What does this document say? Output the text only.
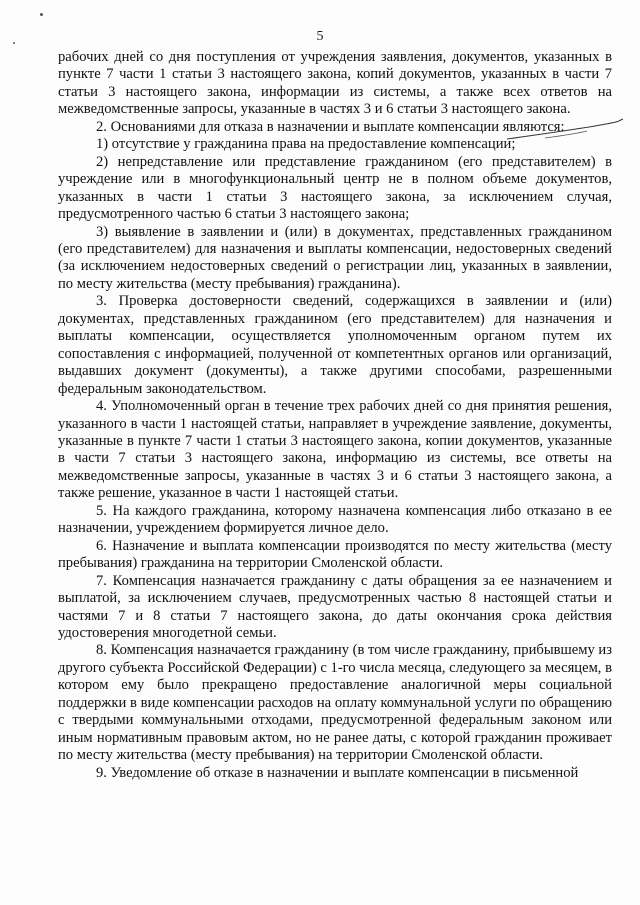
5

рабочих дней со дня поступления от учреждения заявления, документов, указанных в пункте 7 части 1 статьи 3 настоящего закона, копий документов, указанных в части 7 статьи 3 настоящего закона, информации из системы, а также всех ответов на межведомственные запросы, указанные в частях 3 и 6 статьи 3 настоящего закона.

2. Основаниями для отказа в назначении и выплате компенсации являются:

1) отсутствие у гражданина права на предоставление компенсации;

2) непредставление или представление гражданином (его представителем) в учреждение или в многофункциональный центр не в полном объеме документов, указанных в части 1 статьи 3 настоящего закона, за исключением случая, предусмотренного частью 6 статьи 3 настоящего закона;

3) выявление в заявлении и (или) в документах, представленных гражданином (его представителем) для назначения и выплаты компенсации, недостоверных сведений (за исключением недостоверных сведений о регистрации лиц, указанных в заявлении, по месту жительства (месту пребывания) гражданина).

3. Проверка достоверности сведений, содержащихся в заявлении и (или) документах, представленных гражданином (его представителем) для назначения и выплаты компенсации, осуществляется уполномоченным органом путем их сопоставления с информацией, полученной от компетентных органов или организаций, выдавших документ (документы), а также другими способами, разрешенными федеральным законодательством.

4. Уполномоченный орган в течение трех рабочих дней со дня принятия решения, указанного в части 1 настоящей статьи, направляет в учреждение заявление, документы, указанные в пункте 7 части 1 статьи 3 настоящего закона, копии документов, указанные в части 7 статьи 3 настоящего закона, информацию из системы, все ответы на межведомственные запросы, указанные в частях 3 и 6 статьи 3 настоящего закона, а также решение, указанное в части 1 настоящей статьи.

5. На каждого гражданина, которому назначена компенсация либо отказано в ее назначении, учреждением формируется личное дело.

6. Назначение и выплата компенсации производятся по месту жительства (месту пребывания) гражданина на территории Смоленской области.

7. Компенсация назначается гражданину с даты обращения за ее назначением и выплатой, за исключением случаев, предусмотренных частью 8 настоящей статьи и частями 7 и 8 статьи 7 настоящего закона, до даты окончания срока действия удостоверения многодетной семьи.

8. Компенсация назначается гражданину (в том числе гражданину, прибывшему из другого субъекта Российской Федерации) с 1-го числа месяца, следующего за месяцем, в котором ему было прекращено предоставление аналогичной меры социальной поддержки в виде компенсации расходов на оплату коммунальной услуги по обращению с твердыми коммунальными отходами, предусмотренной федеральным законом или иным нормативным правовым актом, но не ранее даты, с которой гражданин проживает по месту жительства (месту пребывания) на территории Смоленской области.

9. Уведомление об отказе в назначении и выплате компенсации в письменной
